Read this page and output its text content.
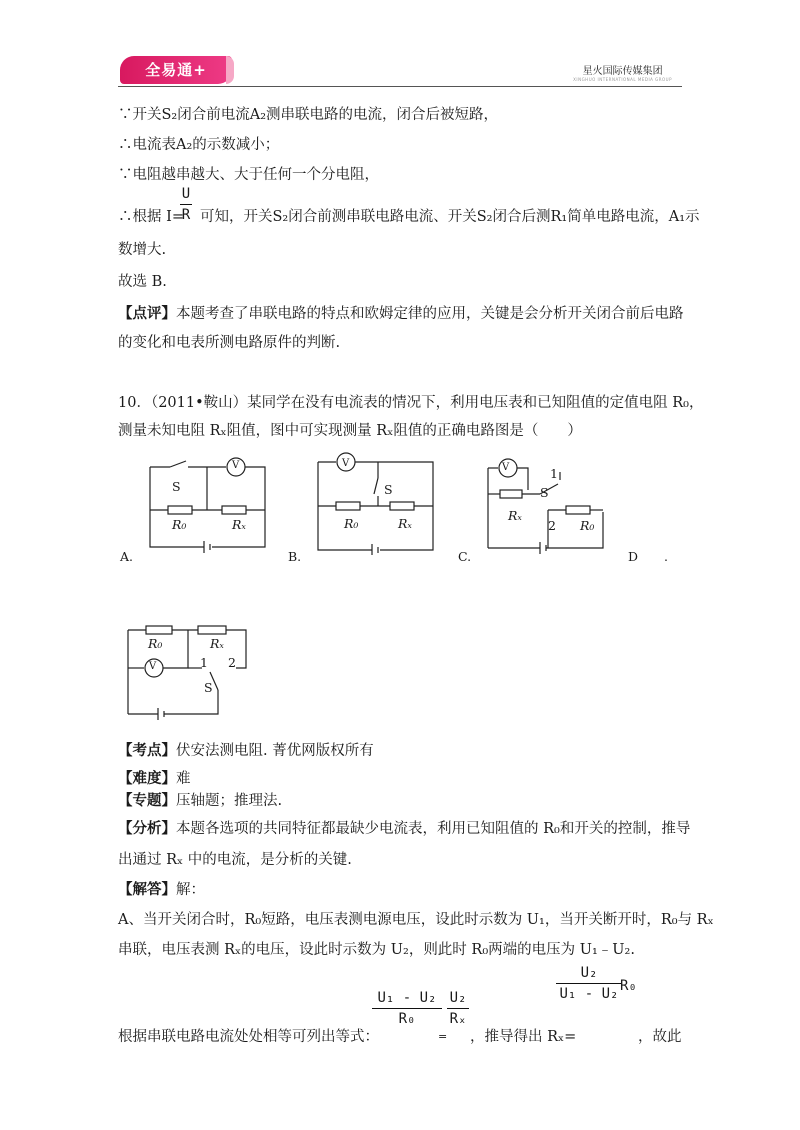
全易通+	星火国际传媒集团
XINGHUO INTERNATIONAL MEDIA GROUP
∵开关S₂闭合前电流A₂测串联电路的电流，闭合后被短路，
∴电流表A₂的示数减小；
∵电阻越串越大、大于任何一个分电阻，
∴根据 I= 可知，开关S₂闭合前测串联电路电流、开关S₂闭合后测R₁简单电路电流，A₁示
U
R
数增大.
故选 B.
【点评】本题考查了串联电路的特点和欧姆定律的应用，关键是会分析开关闭合前后电路
的变化和电表所测电路原件的判断.
10．（2011•鞍山）某同学在没有电流表的情况下，利用电压表和已知阻值的定值电阻 R₀，
测量未知电阻 Rₓ阻值，图中可实现测量 Rₓ阻值的正确电路图是（　　）
S
V
R₀	Rₓ
A.
V
S
R₀	Rₓ
B.
V	1
S
Rₓ
2 R₀
C.	D .
R₀	Rₓ
V	1 2
S
【考点】伏安法测电阻. 菁优网版权所有
【难度】难
【专题】压轴题；推理法.
【分析】本题各选项的共同特征都最缺少电流表，利用已知阻值的 R₀和开关的控制，推导
出通过 Rₓ 中的电流，是分析的关键.
【解答】解：
A、当开关闭合时，R₀短路，电压表测电源电压，设此时示数为 U₁，当开关断开时，R₀与 Rₓ
串联，电压表测 Rₓ的电压，设此时示数为 U₂，则此时 R₀两端的电压为 U₁﹣U₂.
根据串联电路电流处处相等可列出等式：
U₁ - U₂
R₀
=
U₂
Rₓ
，推导得出 Rₓ=
U₂
U₁ - U₂ R₀
，故此
